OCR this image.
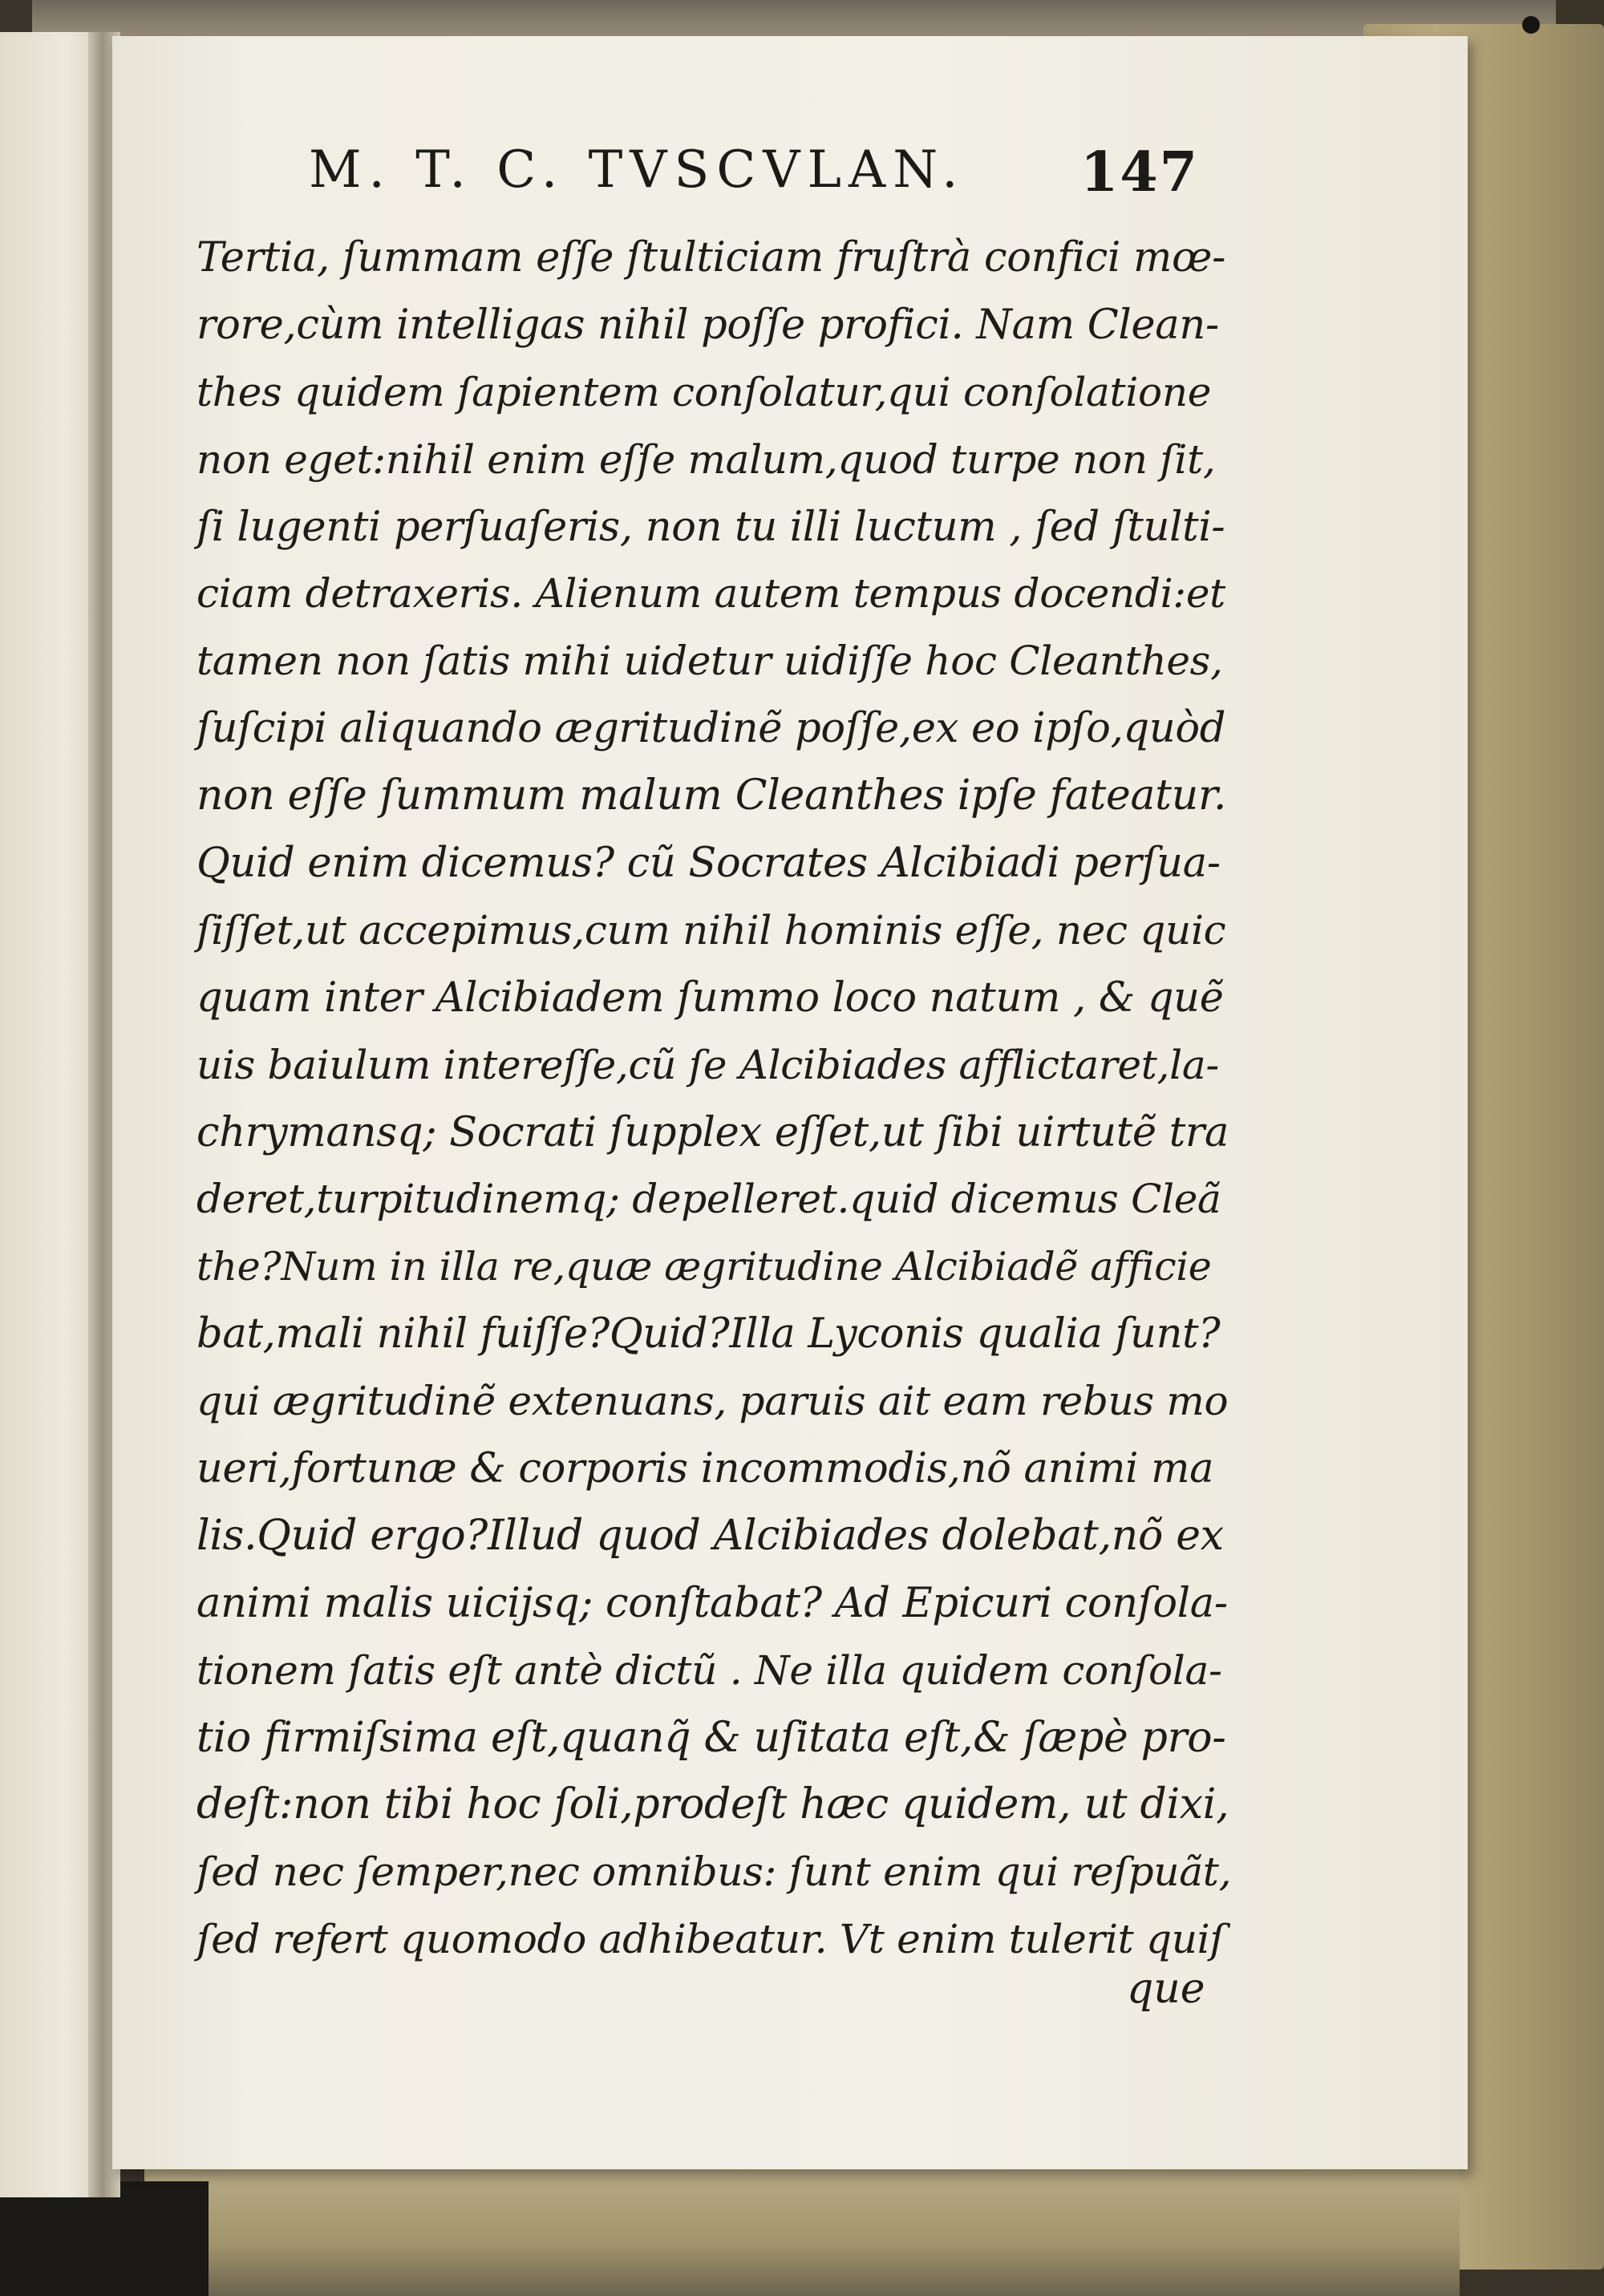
M. T. C. TVSCVLAN. 147
Tertia, ſummam eſſe ſtulticiam fruſtrà confici mœ-
rore,cùm intelligas nihil poſſe profici. Nam Clean-
thes quidem ſapientem conſolatur,qui conſolatione
non eget:nihil enim eſſe malum,quod turpe non ſit,
ſi lugenti perſuaſeris, non tu illi luctum , ſed ſtulti-
ciam detraxeris. Alienum autem tempus docendi:et
tamen non ſatis mihi uidetur uidiſſe hoc Cleanthes,
ſuſcipi aliquando ægritudinẽ poſſe,ex eo ipſo,quòd
non eſſe ſummum malum Cleanthes ipſe fateatur.
Quid enim dicemus? cũ Socrates Alcibiadi perſua-
ſiſſet,ut accepimus,cum nihil hominis eſſe, nec quic
quam inter Alcibiadem ſummo loco natum , & quẽ
uis baiulum intereſſe,cũ ſe Alcibiades afflictaret,la-
chrymansq; Socrati ſupplex eſſet,ut ſibi uirtutẽ tra
deret,turpitudinemq; depelleret.quid dicemus Cleã
the?Num in illa re,quæ ægritudine Alcibiadẽ afficie
bat,mali nihil fuiſſe?Quid?Illa Lyconis qualia ſunt?
qui ægritudinẽ extenuans, paruis ait eam rebus mo
ueri,fortunæ & corporis incommodis,nõ animi ma
lis.Quid ergo?Illud quod Alcibiades dolebat,nõ ex
animi malis uicijsq; conſtabat? Ad Epicuri conſola-
tionem ſatis eſt antè dictũ . Ne illa quidem conſola-
tio firmiſsima eſt,quanq̃ & uſitata eſt,& ſæpè pro-
deſt:non tibi hoc ſoli,prodeſt hæc quidem, ut dixi,
ſed nec ſemper,nec omnibus: ſunt enim qui reſpuãt,
ſed refert quomodo adhibeatur. Vt enim tulerit quiſ
que
